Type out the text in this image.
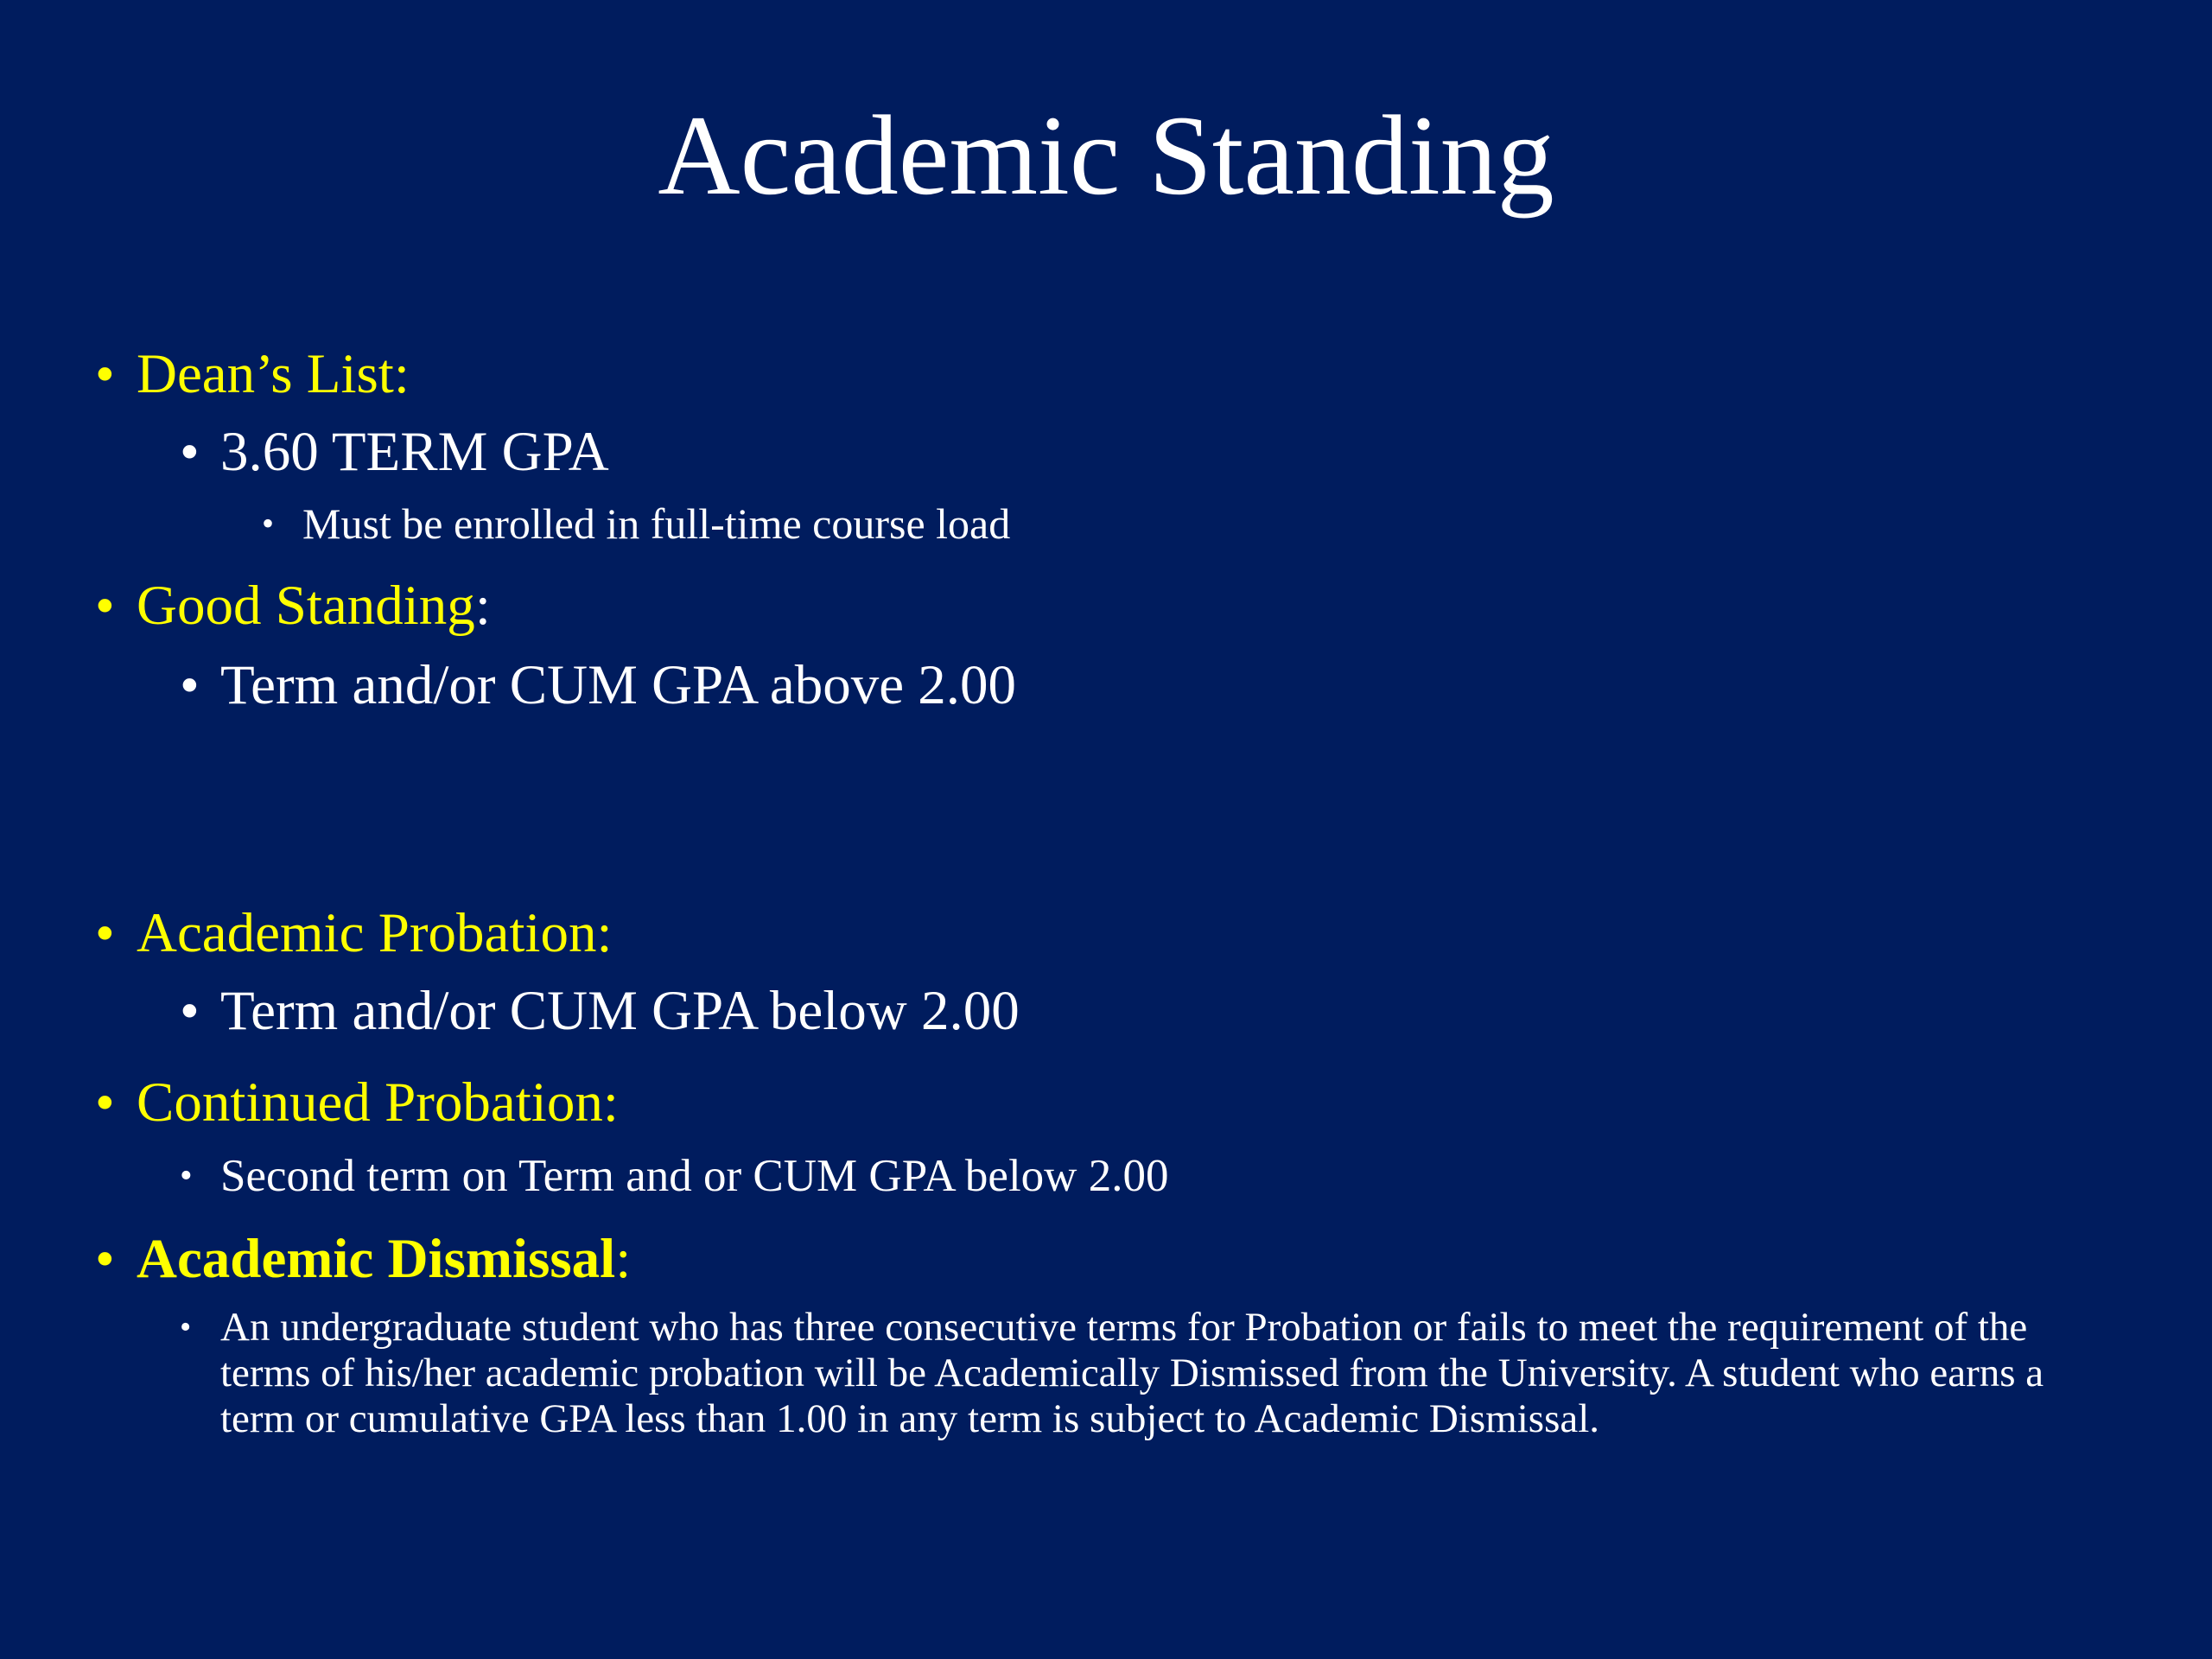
Academic Standing
• Dean’s List:
• 3.60 TERM GPA
• Must be enrolled in full-time course load
• Good Standing:
• Term and/or CUM GPA above 2.00
• Academic Probation:
• Term and/or CUM GPA below 2.00
• Continued Probation:
• Second term on Term and or CUM GPA below 2.00
• Academic Dismissal:
• An undergraduate student who has three consecutive terms for Probation or fails to meet the requirement of the terms of his/her academic probation will be Academically Dismissed from the University. A student who earns a term or cumulative GPA less than 1.00 in any term is subject to Academic Dismissal.
